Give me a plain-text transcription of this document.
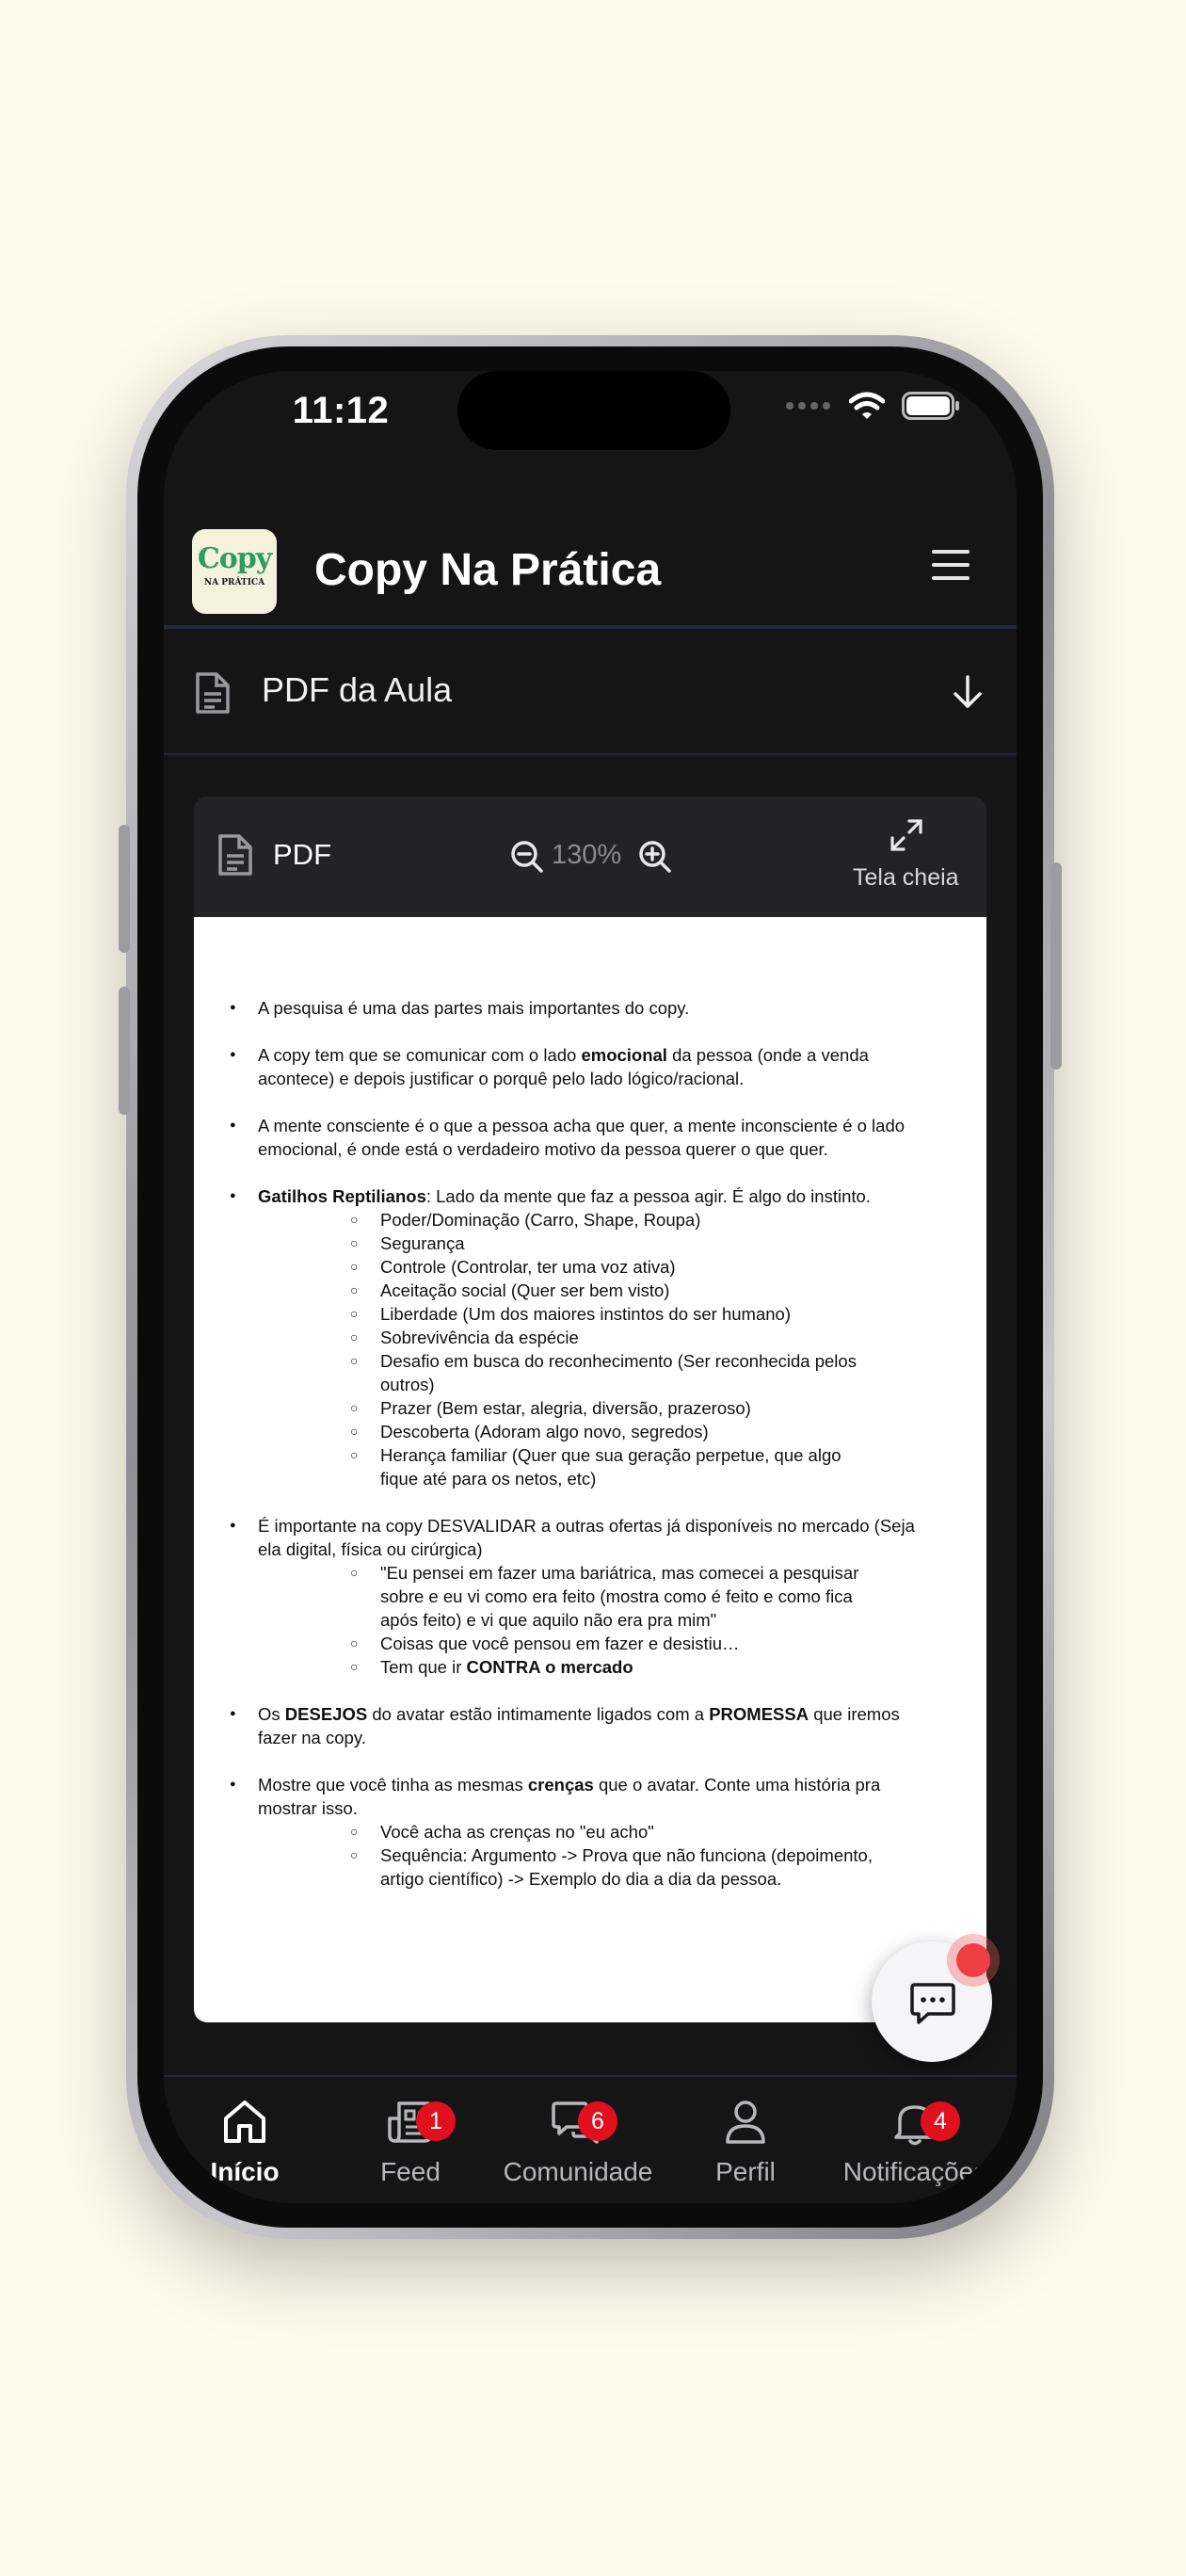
11:12
Copy
NA PRÁTICA Copy Na Prática
PDF da Aula
PDF	130%
Tela cheia
● A pesquisa é uma das partes mais importantes do copy.
● A copy tem que se comunicar com o lado emocional da pessoa (onde a venda acontece) e depois justificar o porquê pelo lado lógico/racional.
● A mente consciente é o que a pessoa acha que quer, a mente inconsciente é o lado emocional, é onde está o verdadeiro motivo da pessoa querer o que quer.
● Gatilhos Reptilianos: Lado da mente que faz a pessoa agir. É algo do instinto.
○ Poder/Dominação (Carro, Shape, Roupa)
○ Segurança
○ Controle (Controlar, ter uma voz ativa)
○ Aceitação social (Quer ser bem visto)
○ Liberdade (Um dos maiores instintos do ser humano)
○ Sobrevivência da espécie
○ Desafio em busca do reconhecimento (Ser reconhecida pelos outros)
○ Prazer (Bem estar, alegria, diversão, prazeroso)
○ Descoberta (Adoram algo novo, segredos)
○ Herança familiar (Quer que sua geração perpetue, que algo fique até para os netos, etc)
● É importante na copy DESVALIDAR a outras ofertas já disponíveis no mercado (Seja ela digital, física ou cirúrgica)
○ "Eu pensei em fazer uma bariátrica, mas comecei a pesquisar sobre e eu vi como era feito (mostra como é feito e como fica após feito) e vi que aquilo não era pra mim"
○ Coisas que você pensou em fazer e desistiu…
○ Tem que ir CONTRA o mercado
● Os DESEJOS do avatar estão intimamente ligados com a PROMESSA que iremos fazer na copy.
● Mostre que você tinha as mesmas crenças que o avatar. Conte uma história pra mostrar isso.
○ Você acha as crenças no "eu acho"
○ Sequência: Argumento -> Prova que não funciona (depoimento, artigo científico) -> Exemplo do dia a dia da pessoa.
Início
1
Feed
6
Comunidade	Perfil
4
Notificações
